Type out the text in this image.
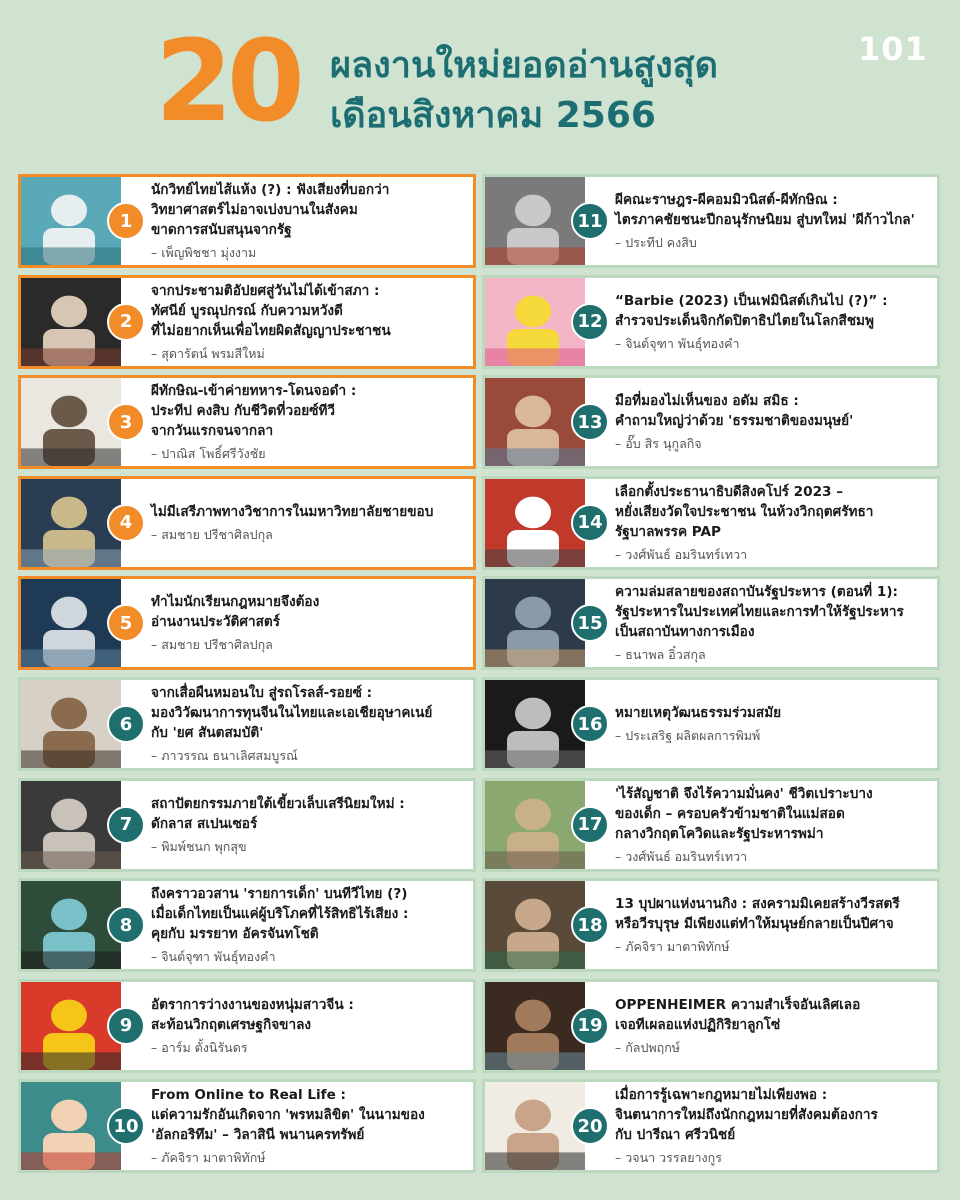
20 ผลงานใหม่ยอดอ่านสูงสุด
เดือนสิงหาคม 2566
101
1
นักวิทย์ไทยไส้แห้ง (?) : ฟังเสียงที่บอกว่า
วิทยาศาสตร์ไม่อาจเบ่งบานในสังคม
ขาดการสนับสนุนจากรัฐ
– เพ็ญพิชชา มุ่งงาม
2
จากประชามติอัปยศสู่วันไม่ได้เข้าสภา :
ทัศนีย์ บูรณุปกรณ์ กับความหวังดี
ที่ไม่อยากเห็นเพื่อไทยผิดสัญญาประชาชน
– สุดารัตน์ พรมสีใหม่
3
ผีทักษิณ-เข้าค่ายทหาร-โดนจอดำ :
ประทีป คงสิบ กับชีวิตที่วอยซ์ทีวี
จากวันแรกจนจากลา
– ปาณิส โพธิ์ศรีวังชัย
4
ไม่มีเสรีภาพทางวิชาการในมหาวิทยาลัยชายขอบ
– สมชาย ปรีชาศิลปกุล
5
ทำไมนักเรียนกฎหมายจึงต้อง
อ่านงานประวัติศาสตร์
– สมชาย ปรีชาศิลปกุล
6
จากเสื่อผืนหมอนใบ สู่รถโรลส์-รอยซ์ :
มองวิวัฒนาการทุนจีนในไทยและเอเชียอุษาคเนย์
กับ 'ยศ สันตสมบัติ'
– ภาวรรณ ธนาเลิศสมบูรณ์
7
สถาปัตยกรรมภายใต้เขี้ยวเล็บเสรีนิยมใหม่ :
ดักลาส สเปนเซอร์
– พิมพ์ชนก พุกสุข
8
ถึงคราวอวสาน 'รายการเด็ก' บนทีวีไทย (?)
เมื่อเด็กไทยเป็นแค่ผู้บริโภคที่ไร้สิทธิไร้เสียง :
คุยกับ มรรยาท อัครจันทโชติ
– จินต์จุฑา พันธุ์ทองคำ
9
อัตราการว่างงานของหนุ่มสาวจีน :
สะท้อนวิกฤตเศรษฐกิจขาลง
– อาร์ม ตั้งนิรันดร
10
From Online to Real Life :
แด่ความรักอันเกิดจาก 'พรหมลิขิต' ในนามของ
'อัลกอริทึม' – วิลาสินี พนานครทรัพย์
– ภัคจิรา มาตาพิทักษ์
11
ผีคณะราษฎร-ผีคอมมิวนิสต์-ผีทักษิณ :
ไตรภาคชัยชนะปีกอนุรักษนิยม สู่บทใหม่ 'ผีก้าวไกล'
– ประทีป คงสิบ
12
“Barbie (2023) เป็นเฟมินิสต์เกินไป (?)” :
สำรวจประเด็นจิกกัดปิตาธิปไตยในโลกสีชมพู
– จินต์จุฑา พันธุ์ทองคำ
13
มือที่มองไม่เห็นของ อดัม สมิธ :
คำถามใหญ่ว่าด้วย 'ธรรมชาติของมนุษย์'
– อั๊บ สิร นุกูลกิจ
14
เลือกตั้งประธานาธิบดีสิงคโปร์ 2023 –
หยั่งเสียงวัดใจประชาชน ในห้วงวิกฤตศรัทธา
รัฐบาลพรรค PAP
– วงศ์พันธ์ อมรินทร์เทวา
15
ความล่มสลายของสถาบันรัฐประหาร (ตอนที่ 1):
รัฐประหารในประเทศไทยและการทำให้รัฐประหาร
เป็นสถาบันทางการเมือง
– ธนาพล อิ๋วสกุล
16
หมายเหตุวัฒนธรรมร่วมสมัย
– ประเสริฐ ผลิตผลการพิมพ์
17
'ไร้สัญชาติ จึงไร้ความมั่นคง' ชีวิตเปราะบาง
ของเด็ก – ครอบครัวข้ามชาติในแม่สอด
กลางวิกฤตโควิดและรัฐประหารพม่า
– วงศ์พันธ์ อมรินทร์เทวา
18
13 บุปผาแห่งนานกิง : สงครามมิเคยสร้างวีรสตรี
หรือวีรบุรุษ มีเพียงแต่ทำให้มนุษย์กลายเป็นปีศาจ
– ภัคจิรา มาตาพิทักษ์
19
OPPENHEIMER ความสำเร็จอันเลิศเลอ
เจอทีเผลอแห่งปฏิกิริยาลูกโซ่
– กัลปพฤกษ์
20
เมื่อการรู้เฉพาะกฎหมายไม่เพียงพอ :
จินตนาการใหม่ถึงนักกฎหมายที่สังคมต้องการ
กับ ปารีณา ศรีวนิชย์
– วจนา วรรลยางกูร
